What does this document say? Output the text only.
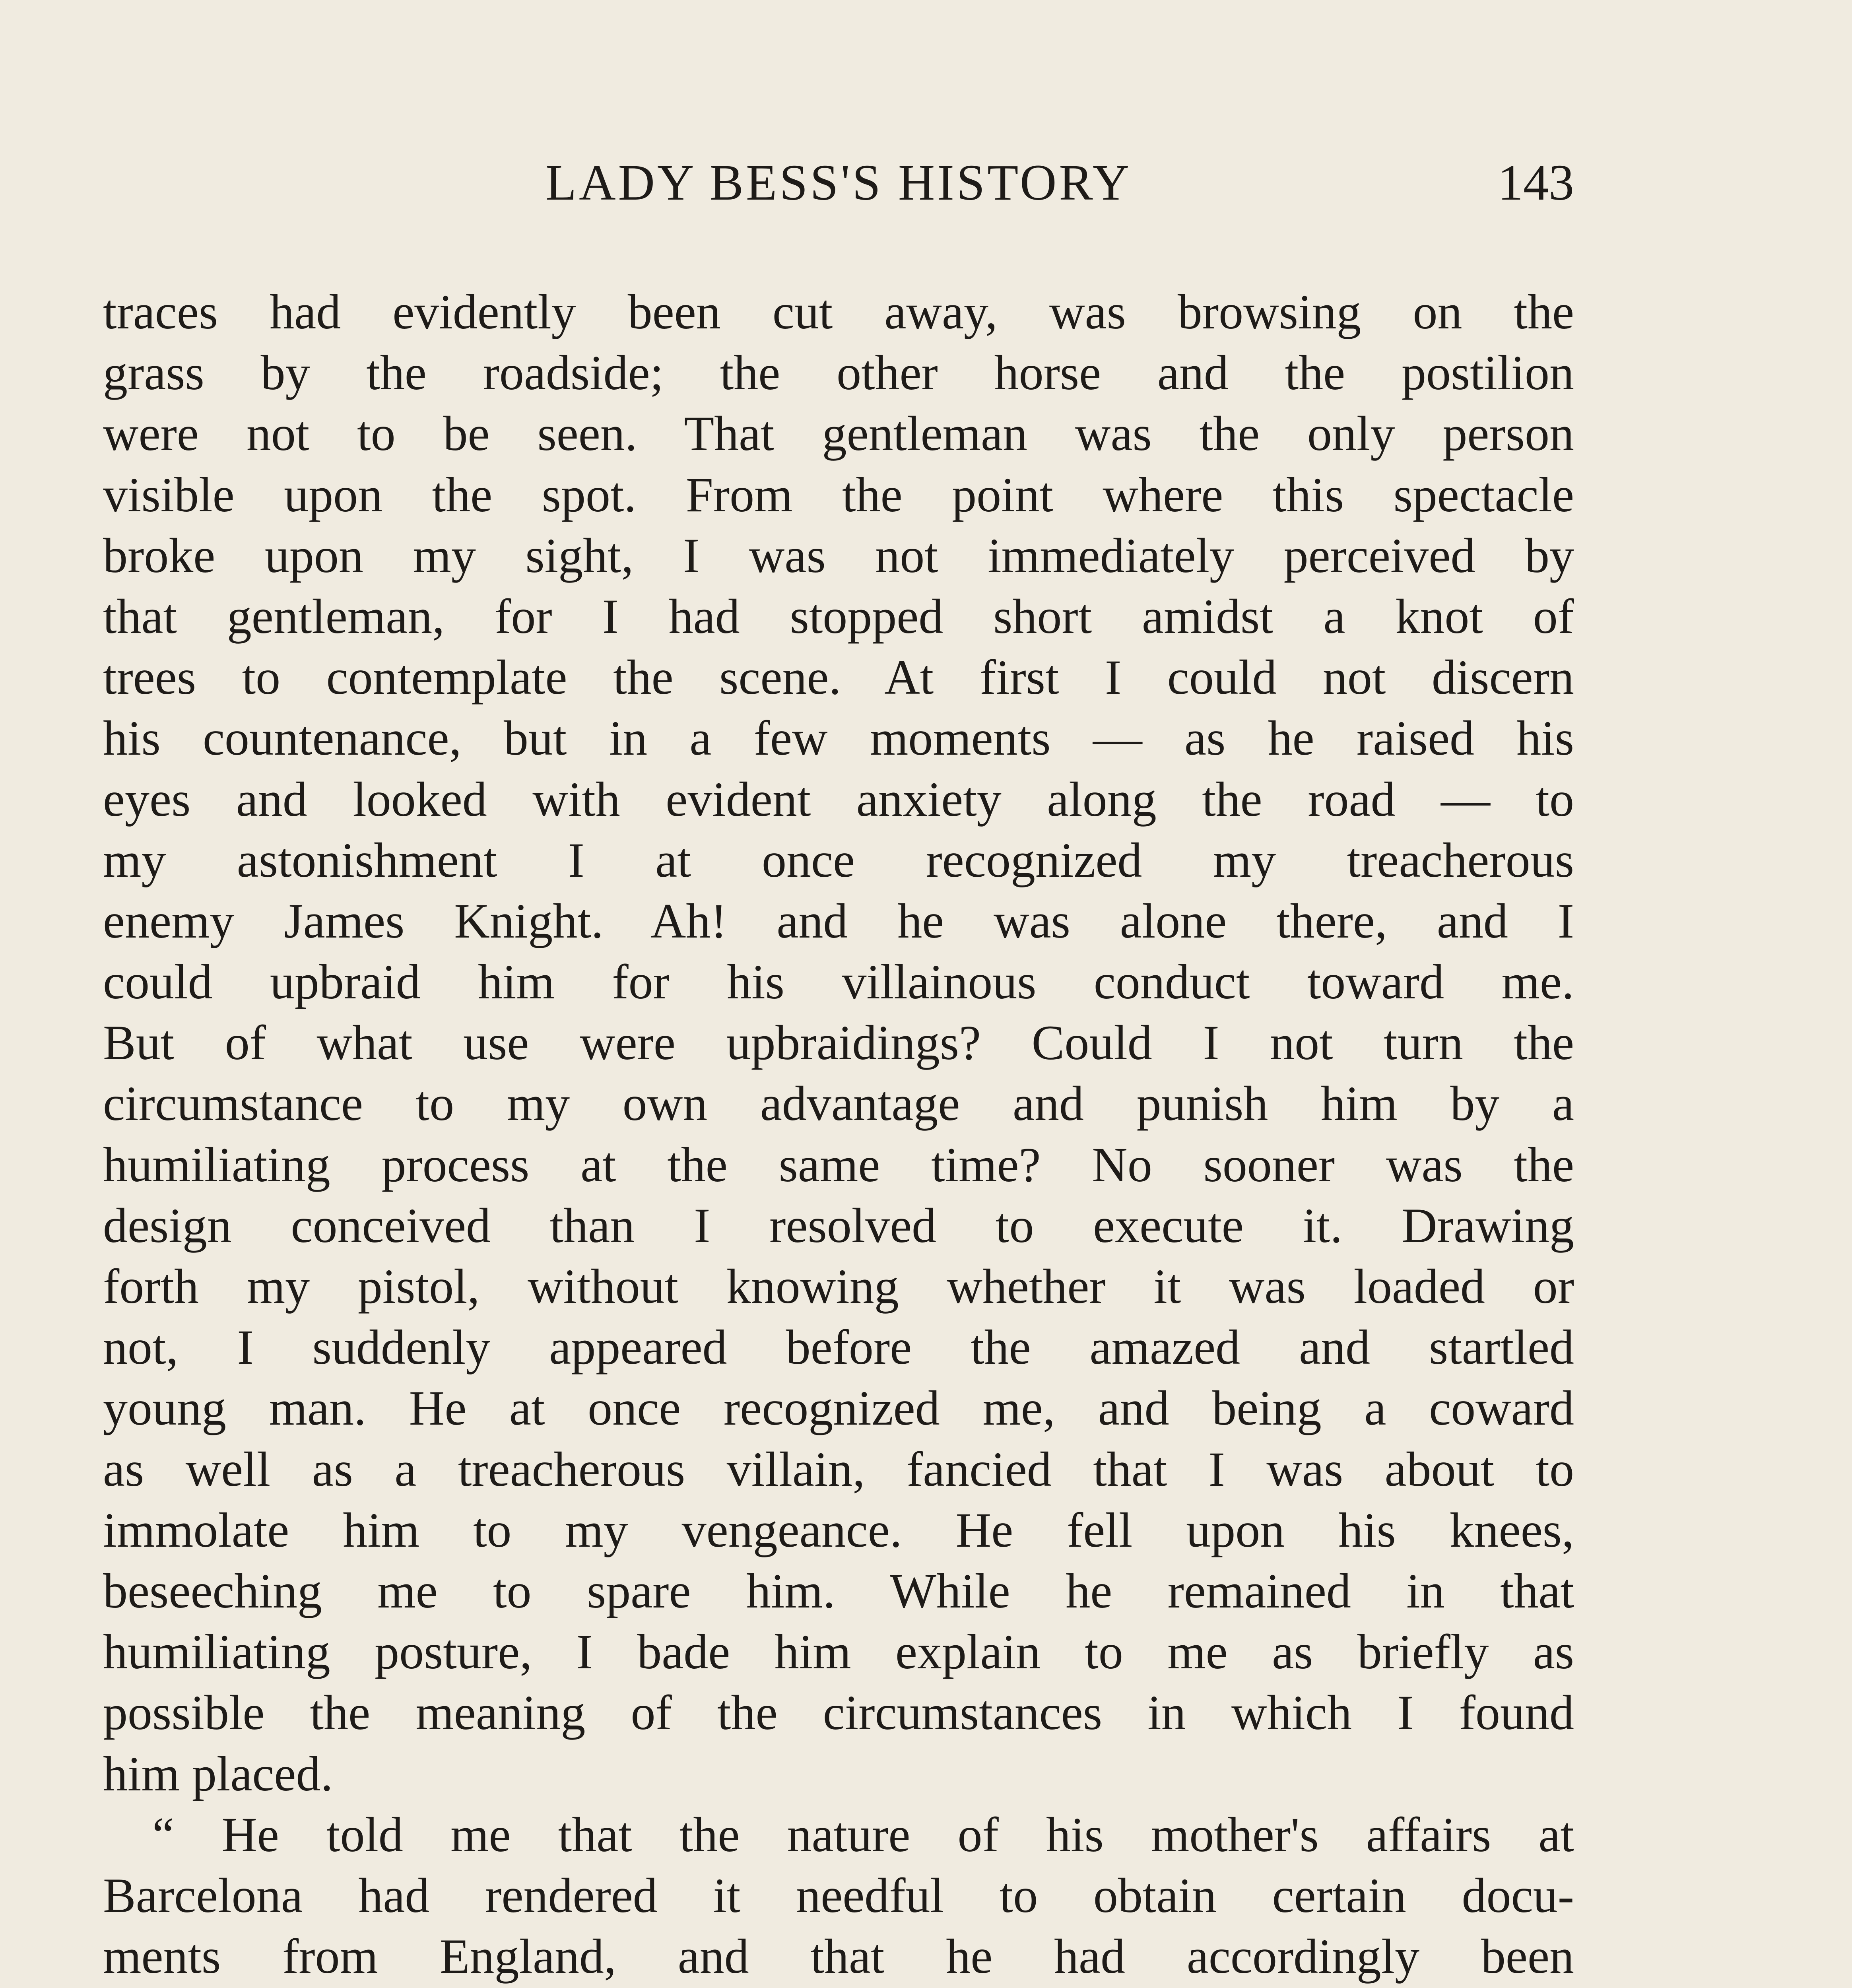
LADY BESS'S HISTORY	143
traces had evidently been cut away, was browsing on the
grass by the roadside; the other horse and the postilion
were not to be seen. That gentleman was the only person
visible upon the spot. From the point where this spectacle
broke upon my sight, I was not immediately perceived by
that gentleman, for I had stopped short amidst a knot of
trees to contemplate the scene. At first I could not discern
his countenance, but in a few moments — as he raised his
eyes and looked with evident anxiety along the road — to
my astonishment I at once recognized my treacherous
enemy James Knight. Ah! and he was alone there, and I
could upbraid him for his villainous conduct toward me.
But of what use were upbraidings? Could I not turn the
circumstance to my own advantage and punish him by a
humiliating process at the same time? No sooner was the
design conceived than I resolved to execute it. Drawing
forth my pistol, without knowing whether it was loaded or
not, I suddenly appeared before the amazed and startled
young man. He at once recognized me, and being a coward
as well as a treacherous villain, fancied that I was about to
immolate him to my vengeance. He fell upon his knees,
beseeching me to spare him. While he remained in that
humiliating posture, I bade him explain to me as briefly as
possible the meaning of the circumstances in which I found
him placed.
“ He told me that the nature of his mother's affairs at
Barcelona had rendered it needful to obtain certain docu-
ments from England, and that he had accordingly been
